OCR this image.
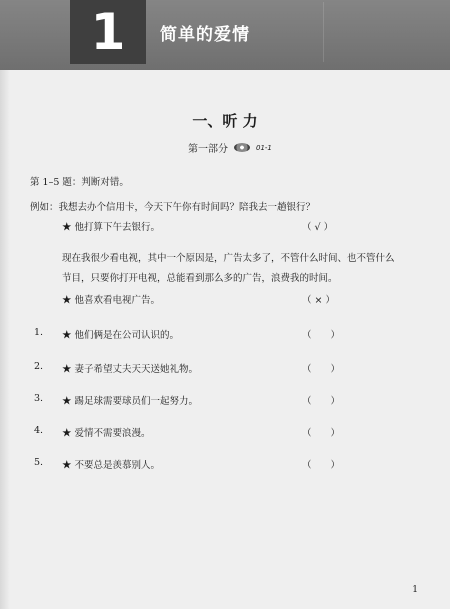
1 简单的爱情
一、听 力
第一部分	01-1
第 1–5 题：判断对错。
例如：我想去办个信用卡，今天下午你有时间吗？陪我去一趟银行？
★ 他打算下午去银行。	（ √ ）
现在我很少看电视，其中一个原因是，广告太多了，不管什么时间、也不管什么
节目，只要你打开电视，总能看到那么多的广告，浪费我的时间。
★ 他喜欢看电视广告。	（ × ）
1. ★ 他们俩是在公司认识的。	（　　）
2. ★ 妻子希望丈夫天天送她礼物。	（　　）
3. ★ 踢足球需要球员们一起努力。	（　　）
4. ★ 爱情不需要浪漫。	（　　）
5. ★ 不要总是羡慕别人。	（　　）
1
